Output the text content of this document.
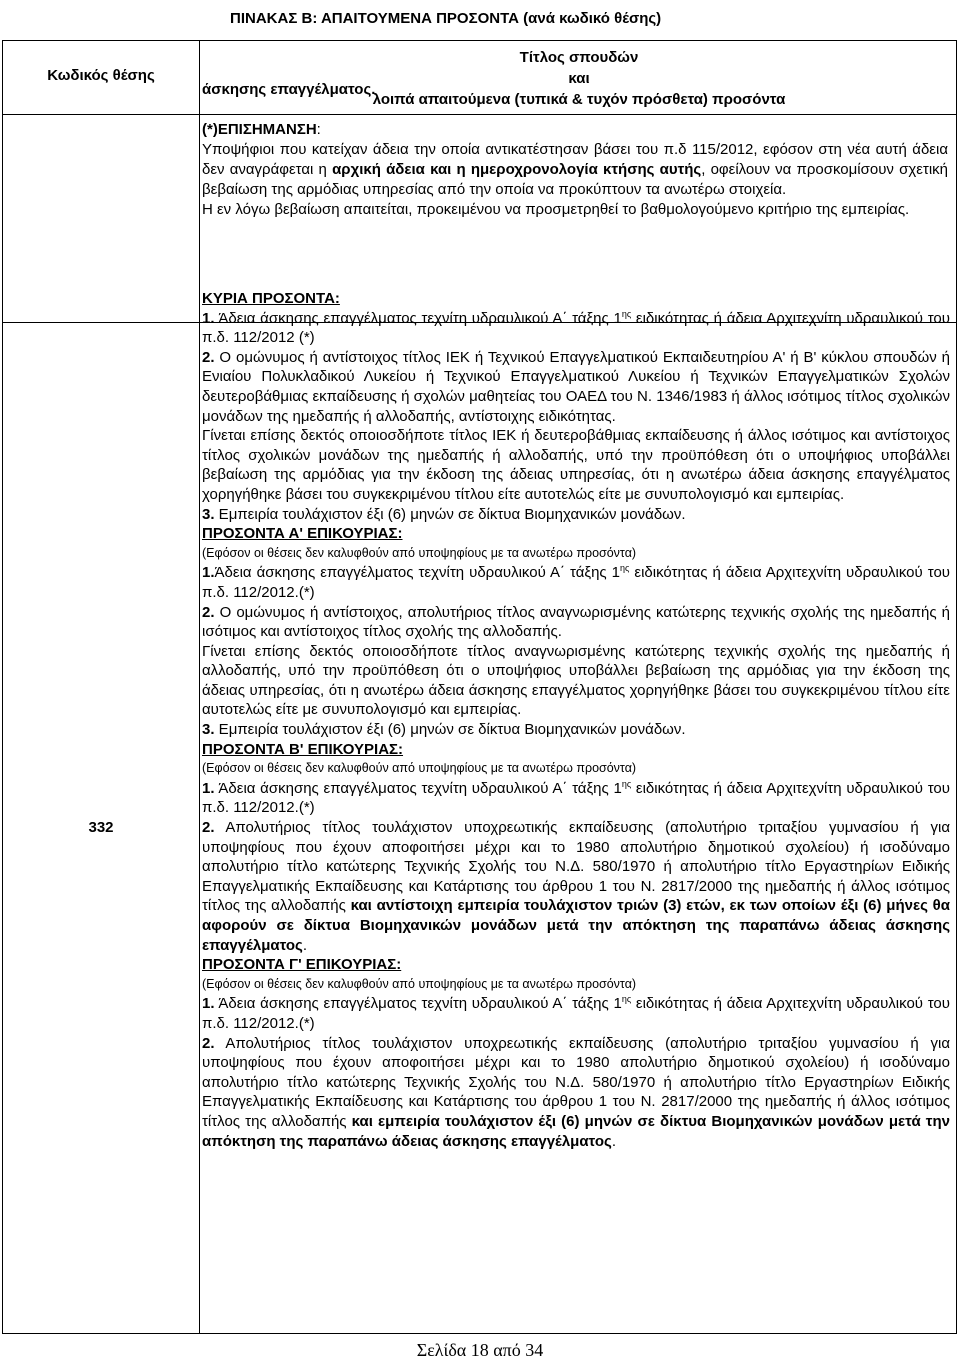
ΠΙΝΑΚΑΣ Β: ΑΠΑΙΤΟΥΜΕΝΑ ΠΡΟΣΟΝΤΑ (ανά κωδικό θέσης)
Κωδικός θέσης
Τίτλος σπουδών
και
λοιπά απαιτούμενα (τυπικά & τυχόν πρόσθετα) προσόντα
332
άσκησης επαγγέλματος.
(*)ΕΠΙΣΗΜΑΝΣΗ:
Υποψήφιοι που κατείχαν άδεια την οποία αντικατέστησαν βάσει του π.δ 115/2012, εφόσον στη νέα αυτή άδεια δεν αναγράφεται η αρχική άδεια και η ημεροχρονολογία κτήσης αυτής, οφείλουν να προσκομίσουν σχετική βεβαίωση της αρμόδιας υπηρεσίας από την οποία να προκύπτουν τα ανωτέρω στοιχεία.
Η εν λόγω βεβαίωση απαιτείται, προκειμένου να προσμετρηθεί το βαθμολογούμενο κριτήριο της εμπειρίας.

ΚΥΡΙΑ ΠΡΟΣΟΝΤΑ:

1. Άδεια άσκησης επαγγέλματος τεχνίτη υδραυλικού Α΄ τάξης $1^{\eta\varsigma}$ ειδικότητας ή άδεια Αρχιτεχνίτη υδραυλικού του π.δ. 112/2012 (*)

2. Ο ομώνυμος ή αντίστοιχος τίτλος ΙΕΚ ή Τεχνικού Επαγγελματικού Εκπαιδευτηρίου Α' ή Β' κύκλου σπουδών ή Ενιαίου Πολυκλαδικού Λυκείου ή Τεχνικού Επαγγελματικού Λυκείου ή Τεχνικών Επαγγελματικών Σχολών δευτεροβάθμιας εκπαίδευσης ή σχολών μαθητείας του ΟΑΕΔ του Ν. 1346/1983 ή άλλος ισότιμος τίτλος σχολικών μονάδων της ημεδαπής ή αλλοδαπής, αντίστοιχης ειδικότητας.

Γίνεται επίσης δεκτός οποιοσδήποτε τίτλος ΙΕΚ ή δευτεροβάθμιας εκπαίδευσης ή άλλος ισότιμος και αντίστοιχος τίτλος σχολικών μονάδων της ημεδαπής ή αλλοδαπής, υπό την προϋπόθεση ότι ο υποψήφιος υποβάλλει βεβαίωση της αρμόδιας για την έκδοση της άδειας υπηρεσίας, ότι η ανωτέρω άδεια άσκησης επαγγέλματος χορηγήθηκε βάσει του συγκεκριμένου τίτλου είτε αυτοτελώς είτε με συνυπολογισμό και εμπειρίας.

3. Εμπειρία τουλάχιστον έξι (6) μηνών σε δίκτυα Βιομηχανικών μονάδων.

ΠΡΟΣΟΝΤΑ Α' ΕΠΙΚΟΥΡΙΑΣ:

(Εφόσον οι θέσεις δεν καλυφθούν από υποψηφίους με τα ανωτέρω προσόντα)

1.Άδεια άσκησης επαγγέλματος τεχνίτη υδραυλικού Α΄ τάξης $1^{\eta\varsigma}$ ειδικότητας ή άδεια Αρχιτεχνίτη υδραυλικού του π.δ. 112/2012.(*)

2. Ο ομώνυμος ή αντίστοιχος, απολυτήριος τίτλος αναγνωρισμένης κατώτερης τεχνικής σχολής της ημεδαπής ή ισότιμος και αντίστοιχος τίτλος σχολής της αλλοδαπής.

Γίνεται επίσης δεκτός οποιοσδήποτε τίτλος αναγνωρισμένης κατώτερης τεχνικής σχολής της ημεδαπής ή αλλοδαπής, υπό την προϋπόθεση ότι ο υποψήφιος υποβάλλει βεβαίωση της αρμόδιας για την έκδοση της άδειας υπηρεσίας, ότι η ανωτέρω άδεια άσκησης επαγγέλματος χορηγήθηκε βάσει του συγκεκριμένου τίτλου είτε αυτοτελώς είτε με συνυπολογισμό και εμπειρίας.

3. Εμπειρία τουλάχιστον έξι (6) μηνών σε δίκτυα Βιομηχανικών μονάδων.

ΠΡΟΣΟΝΤΑ Β' ΕΠΙΚΟΥΡΙΑΣ:

(Εφόσον οι θέσεις δεν καλυφθούν από υποψηφίους με τα ανωτέρω προσόντα)

1. Άδεια άσκησης επαγγέλματος τεχνίτη υδραυλικού Α΄ τάξης $1^{\eta\varsigma}$ ειδικότητας ή άδεια Αρχιτεχνίτη υδραυλικού του π.δ. 112/2012.(*)

2. Απολυτήριος τίτλος τουλάχιστον υποχρεωτικής εκπαίδευσης (απολυτήριο τριταξίου γυμνασίου ή για υποψηφίους που έχουν αποφοιτήσει μέχρι και το 1980 απολυτήριο δημοτικού σχολείου) ή ισοδύναμο απολυτήριο τίτλο κατώτερης Τεχνικής Σχολής του Ν.Δ. 580/1970 ή απολυτήριο τίτλο Εργαστηρίων Ειδικής Επαγγελματικής Εκπαίδευσης και Κατάρτισης του άρθρου 1 του Ν. 2817/2000 της ημεδαπής ή άλλος ισότιμος τίτλος της αλλοδαπής και αντίστοιχη εμπειρία τουλάχιστον τριών (3) ετών, εκ των οποίων έξι (6) μήνες θα αφορούν σε δίκτυα Βιομηχανικών μονάδων μετά την απόκτηση της παραπάνω άδειας άσκησης επαγγέλματος.

ΠΡΟΣΟΝΤΑ Γ' ΕΠΙΚΟΥΡΙΑΣ:

(Εφόσον οι θέσεις δεν καλυφθούν από υποψηφίους με τα ανωτέρω προσόντα)

1. Άδεια άσκησης επαγγέλματος τεχνίτη υδραυλικού Α΄ τάξης $1^{\eta\varsigma}$ ειδικότητας ή άδεια Αρχιτεχνίτη υδραυλικού του π.δ. 112/2012.(*)

2. Απολυτήριος τίτλος τουλάχιστον υποχρεωτικής εκπαίδευσης (απολυτήριο τριταξίου γυμνασίου ή για υποψηφίους που έχουν αποφοιτήσει μέχρι και το 1980 απολυτήριο δημοτικού σχολείου) ή ισοδύναμο απολυτήριο τίτλο κατώτερης Τεχνικής Σχολής του Ν.Δ. 580/1970 ή απολυτήριο τίτλο Εργαστηρίων Ειδικής Επαγγελματικής Εκπαίδευσης και Κατάρτισης του άρθρου 1 του Ν. 2817/2000 της ημεδαπής ή άλλος ισότιμος τίτλος της αλλοδαπής και εμπειρία τουλάχιστον έξι (6) μηνών σε δίκτυα Βιομηχανικών μονάδων μετά την απόκτηση της παραπάνω άδειας άσκησης επαγγέλματος.

Σελίδα 18 από 34
